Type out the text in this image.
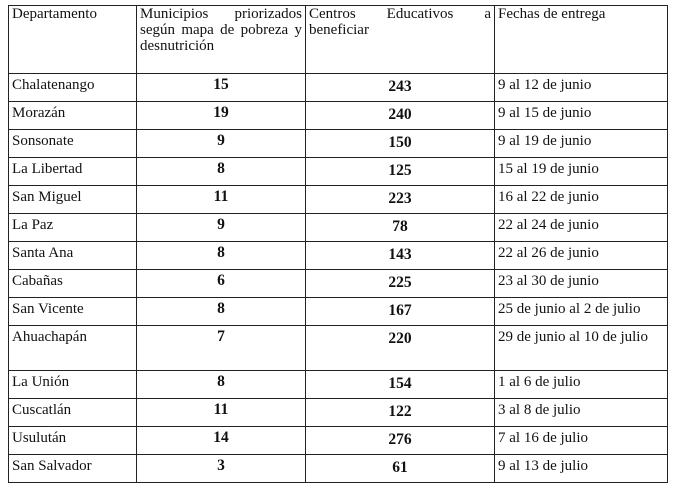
Departamento	Municipios priorizados según mapa de pobreza y desnutrición	Centros Educativos a beneficiar	Fechas de entrega
Chalatenango	15	243	9 al 12 de junio
Morazán	19	240	9 al 15 de junio
Sonsonate	9	150	9 al 19 de junio
La Libertad	8	125	15 al 19 de junio
San Miguel	11	223	16 al 22 de junio
La Paz	9	78	22 al 24 de junio
Santa Ana	8	143	22 al 26 de junio
Cabañas	6	225	23 al 30 de junio
San Vicente	8	167	25 de junio al 2 de julio
Ahuachapán	7	220	29 de junio al 10 de julio
La Unión	8	154	1 al 6 de julio
Cuscatlán	11	122	3 al 8 de julio
Usulután	14	276	7 al 16 de julio
San Salvador	3	61	9 al 13 de julio
